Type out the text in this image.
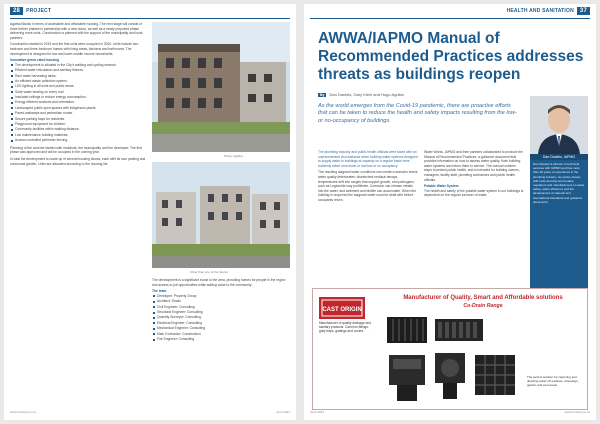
28 PROJECT

Agatha Blocks in terms of accessible and affordable housing. The next stage will consist of three further phases in partnership with a new donor, as well as a newly proposed phase delivering more units. Construction is planned with the support of the municipality and local partners.

Construction started in 2019 and the first units were occupied in 2020. Units include two-bedroom and three-bedroom homes with living areas, kitchens and bathrooms. The development is designed for low and lower-middle income households.

Innovative green-rated housing
The development is situated in the City's walking and cycling network.
Efficient water reticulation and sanitary fixtures.
Rain water harvesting tanks.
An efficient waste collection system.
LED lighting in all units and public areas.
Solar water heating on every roof.
Insulated ceilings to reduce energy consumption.
Energy efficient windows and orientation.
Landscaped public open spaces with indigenous plants.
Paved walkways and pedestrian routes.
Secure parking bays for residents.
Playground equipment for children.
Community facilities within walking distance.
Low maintenance building materials.
Access controlled perimeter fencing.

Planning of the scheme started with residents, the municipality and the developer. The first phase was approved and will be occupied in the coming year.

In total the development is made up of several housing blocks, each with its own parking and communal garden. Units are allocated according to the housing list.

Photo: Agatha
Other than one of the blocks

The development is a significant boost to the area, providing homes for people in the region and access to job opportunities while adding value to the community.

The team
Developer: Property Group
Architect: Studio
Civil Engineer: Consulting
Structural Engineer: Consulting
Quantity Surveyor: Consulting
Electrical Engineer: Consulting
Mechanical Engineer: Consulting
Main Contractor: Construction
Fire Engineer: Consulting
www.housing.co.za	June 2021
HEALTH AND SANITATION 37
AWWA/IAPMO Manual of Recommended Practices addresses threats as buildings reopen
By	Dan Daniels, Gary Klein and Hugo Aguilar
As the world emerges from the Covid-19 pandemic, there are proactive efforts that can be taken to reduce the health and safety impacts resulting from the low- or no-occupancy of buildings.

The plumbing industry and public health officials were faced with an unprecedented circumstance when building water systems designed to supply water to buildings at capacity on a regular basis were suddenly either shut down or had low or no occupancy.

The resulting stagnant water conditions can create a scenario where water quality deteriorates: disinfectant residual decays, temperatures drift into ranges that support growth, and pathogens such as Legionella may proliferate. Corrosion can release metals into the water, and sediment and biofilm can accumulate. When the building is reopened the stagnant water must be dealt with before occupants return.

Water Works, IAPMO and their partners collaborated to produce the Manual of Recommended Practices, a guidance document that provides information on how to assess water quality, flush building water systems and return them to service. The manual outlines steps to protect public health, and is intended for building owners, managers, facility staff, plumbing contractors and public health officials.

Potable Water System

The health and safety of the potable water system in our buildings is dependent on the regular turnover of water.

Dan Daniels, IAPMO
Dan Daniels is director of technical services with IAPMO and has more than 30 years of experience in the plumbing industry. He works closely with code development bodies, regulators and manufacturers on water safety, water efficiency and the development of national and international standards and guidance documents.
CAST ORIGIN
Manufacturer of quality drainage and sanitary products. Cast iron fittings, gully traps, gratings and covers.
Manufacturer of Quality, Smart and Affordable solutions
Co-Drain Range
The perfect solution for capturing and directing water off surfaces, driveways, garden and pool areas.
June 2021	www.housing.co.za
